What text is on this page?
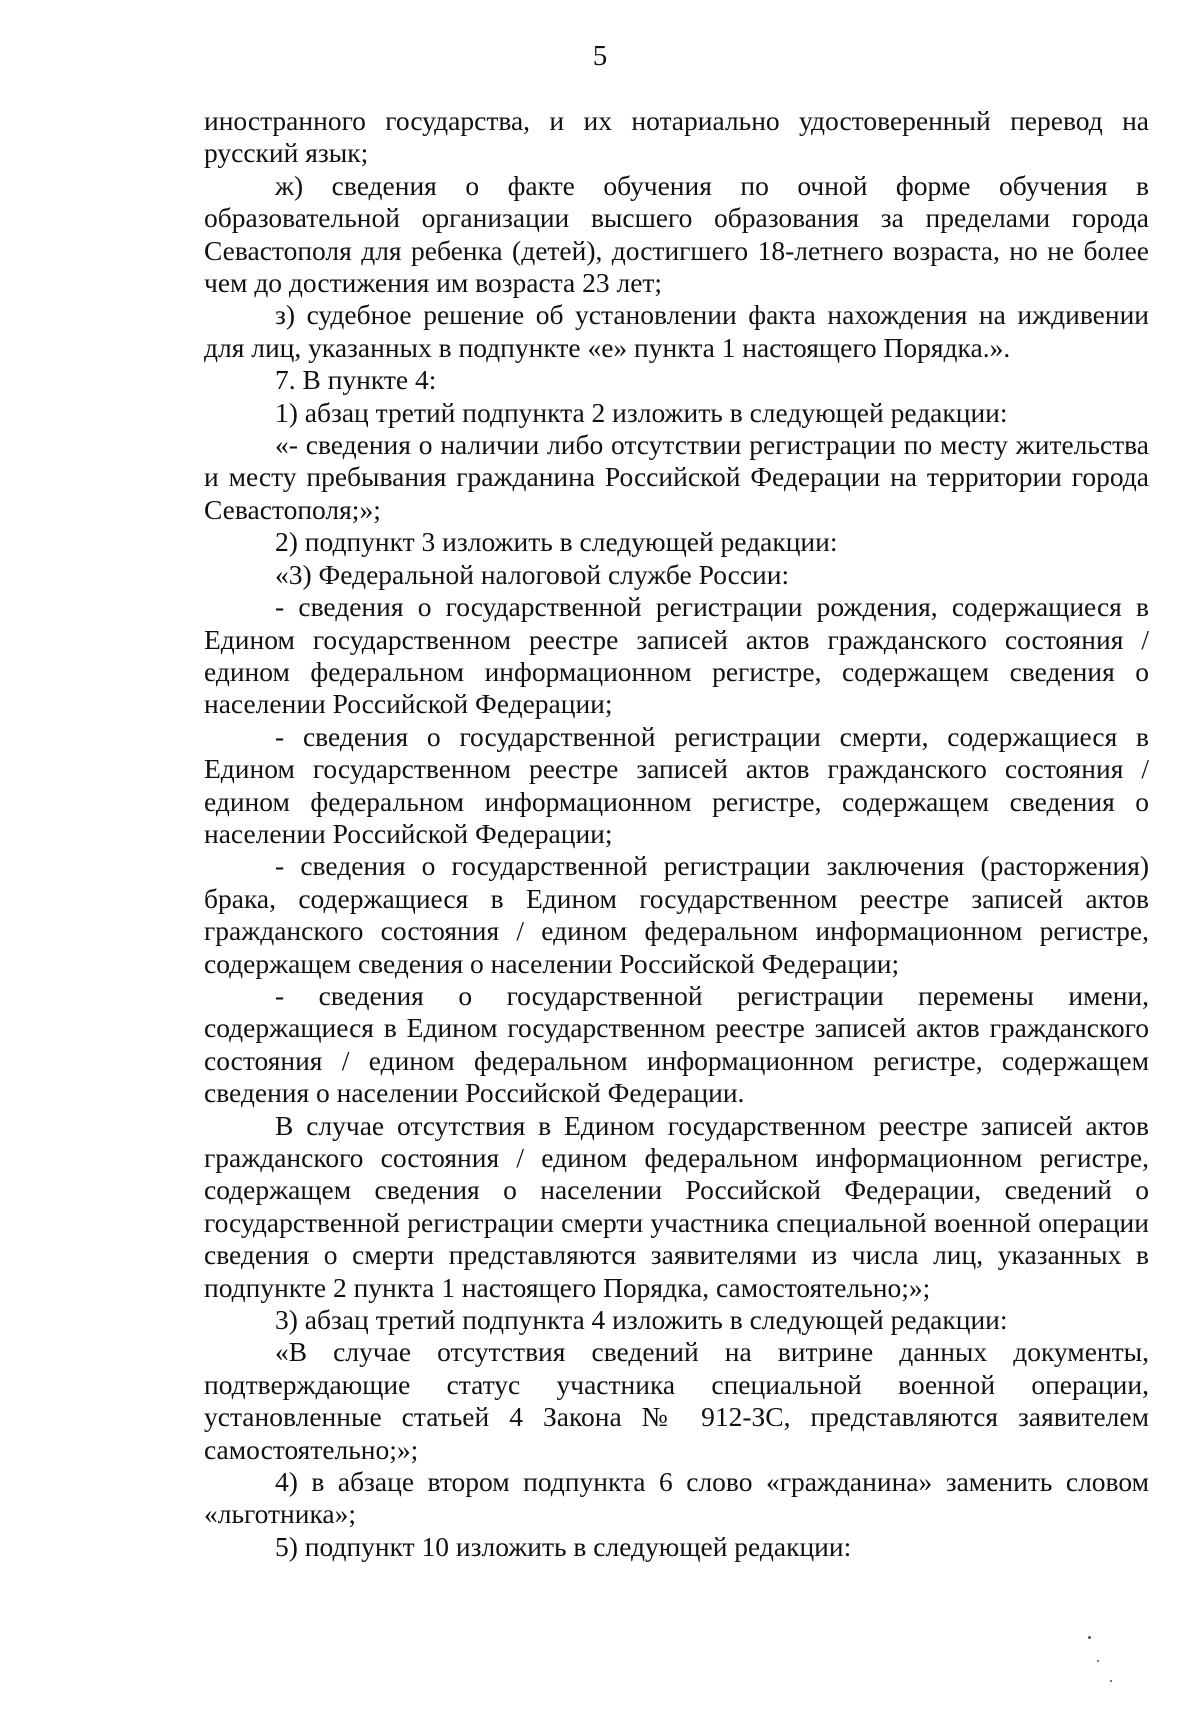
5

иностранного государства, и их нотариально удостоверенный перевод на русский язык;

ж) сведения о факте обучения по очной форме обучения в образовательной организации высшего образования за пределами города Севастополя для ребенка (детей), достигшего 18-летнего возраста, но не более чем до достижения им возраста 23 лет;

з) судебное решение об установлении факта нахождения на иждивении для лиц, указанных в подпункте «е» пункта 1 настоящего Порядка.».

7. В пункте 4:

1) абзац третий подпункта 2 изложить в следующей редакции:

«- сведения о наличии либо отсутствии регистрации по месту жительства и месту пребывания гражданина Российской Федерации на территории города Севастополя;»;

2) подпункт 3 изложить в следующей редакции:

«3) Федеральной налоговой службе России:

- сведения о государственной регистрации рождения, содержащиеся в Едином государственном реестре записей актов гражданского состояния / едином федеральном информационном регистре, содержащем сведения о населении Российской Федерации;

- сведения о государственной регистрации смерти, содержащиеся в Едином государственном реестре записей актов гражданского состояния / едином федеральном информационном регистре, содержащем сведения о населении Российской Федерации;

- сведения о государственной регистрации заключения (расторжения) брака, содержащиеся в Едином государственном реестре записей актов гражданского состояния / едином федеральном информационном регистре, содержащем сведения о населении Российской Федерации;

- сведения о государственной регистрации перемены имени, содержащиеся в Едином государственном реестре записей актов гражданского состояния / едином федеральном информационном регистре, содержащем сведения о населении Российской Федерации.

В случае отсутствия в Едином государственном реестре записей актов гражданского состояния / едином федеральном информационном регистре, содержащем сведения о населении Российской Федерации, сведений о государственной регистрации смерти участника специальной военной операции сведения о смерти представляются заявителями из числа лиц, указанных в подпункте 2 пункта 1 настоящего Порядка, самостоятельно;»;

3) абзац третий подпункта 4 изложить в следующей редакции:

«В случае отсутствия сведений на витрине данных документы, подтверждающие статус участника специальной военной операции, установленные статьей 4 Закона № 912-ЗС, представляются заявителем самостоятельно;»;

4) в абзаце втором подпункта 6 слово «гражданина» заменить словом «льготника»;

5) подпункт 10 изложить в следующей редакции:
